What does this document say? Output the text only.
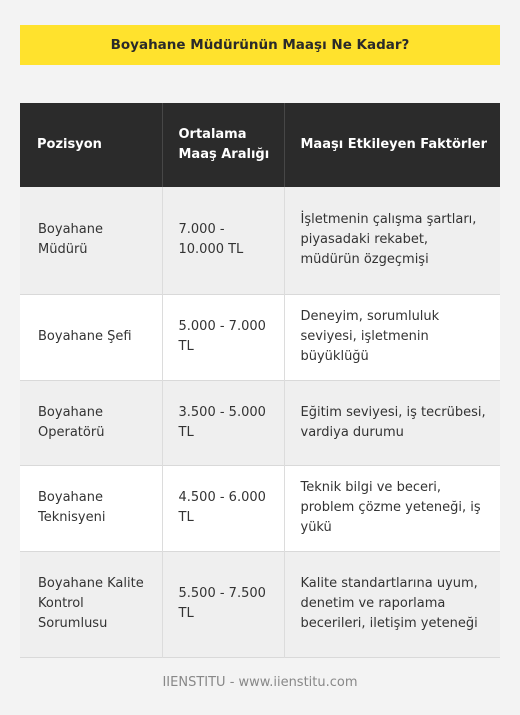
Boyahane Müdürünün Maaşı Ne Kadar?
Pozisyon	Ortalama Maaş Aralığı	Maaşı Etkileyen Faktörler
Boyahane Müdürü	7.000 - 10.000 TL	İşletmenin çalışma şartları, piyasadaki rekabet, müdürün özgeçmişi
Boyahane Şefi	5.000 - 7.000 TL	Deneyim, sorumluluk seviyesi, işletmenin büyüklüğü
Boyahane Operatörü	3.500 - 5.000 TL	Eğitim seviyesi, iş tecrübesi, vardiya durumu
Boyahane Teknisyeni	4.500 - 6.000 TL	Teknik bilgi ve beceri, problem çözme yeteneği, iş yükü
Boyahane Kalite Kontrol Sorumlusu	5.500 - 7.500 TL	Kalite standartlarına uyum, denetim ve raporlama becerileri, iletişim yeteneği
IIENSTITU - www.iienstitu.com
